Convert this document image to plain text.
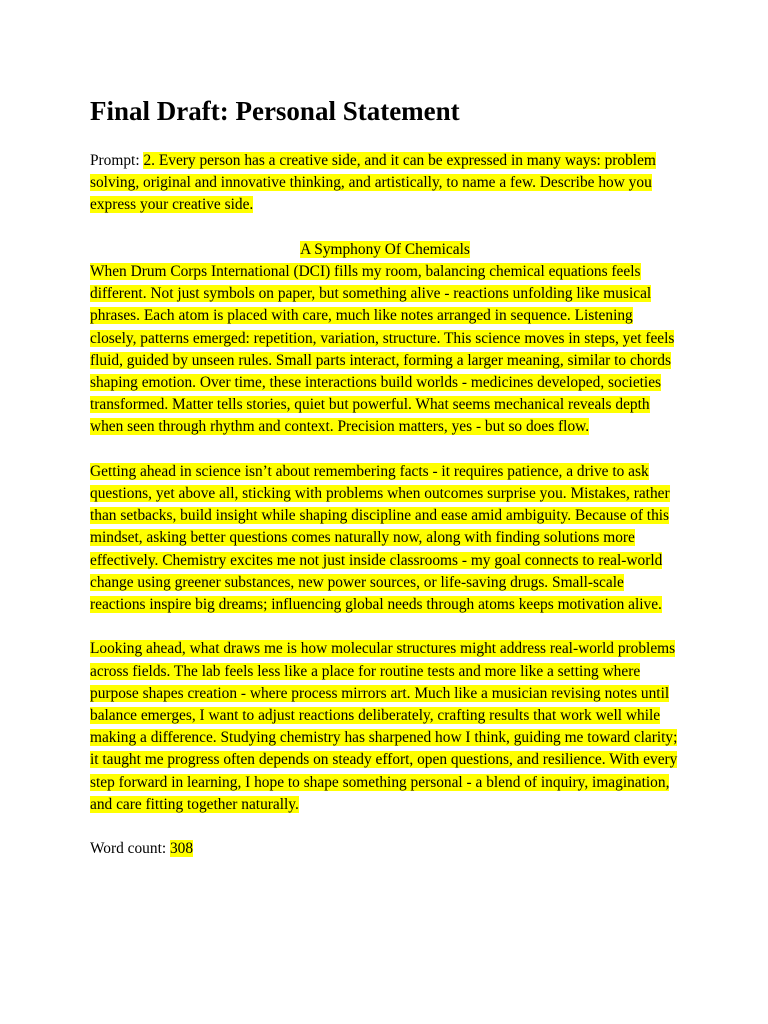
Final Draft: Personal Statement

Prompt: 2. Every person has a creative side, and it can be expressed in many ways: problem solving, original and innovative thinking, and artistically, to name a few. Describe how you express your creative side.

A Symphony Of Chemicals

When Drum Corps International (DCI) fills my room, balancing chemical equations feels different. Not just symbols on paper, but something alive - reactions unfolding like musical phrases. Each atom is placed with care, much like notes arranged in sequence. Listening closely, patterns emerged: repetition, variation, structure. This science moves in steps, yet feels fluid, guided by unseen rules. Small parts interact, forming a larger meaning, similar to chords shaping emotion. Over time, these interactions build worlds - medicines developed, societies transformed. Matter tells stories, quiet but powerful. What seems mechanical reveals depth when seen through rhythm and context. Precision matters, yes - but so does flow.

Getting ahead in science isn’t about remembering facts - it requires patience, a drive to ask questions, yet above all, sticking with problems when outcomes surprise you. Mistakes, rather than setbacks, build insight while shaping discipline and ease amid ambiguity. Because of this mindset, asking better questions comes naturally now, along with finding solutions more effectively. Chemistry excites me not just inside classrooms - my goal connects to real-world change using greener substances, new power sources, or life-saving drugs. Small-scale reactions inspire big dreams; influencing global needs through atoms keeps motivation alive.

Looking ahead, what draws me is how molecular structures might address real-world problems across fields. The lab feels less like a place for routine tests and more like a setting where purpose shapes creation - where process mirrors art. Much like a musician revising notes until balance emerges, I want to adjust reactions deliberately, crafting results that work well while making a difference. Studying chemistry has sharpened how I think, guiding me toward clarity; it taught me progress often depends on steady effort, open questions, and resilience. With every step forward in learning, I hope to shape something personal - a blend of inquiry, imagination, and care fitting together naturally.

Word count: 308
